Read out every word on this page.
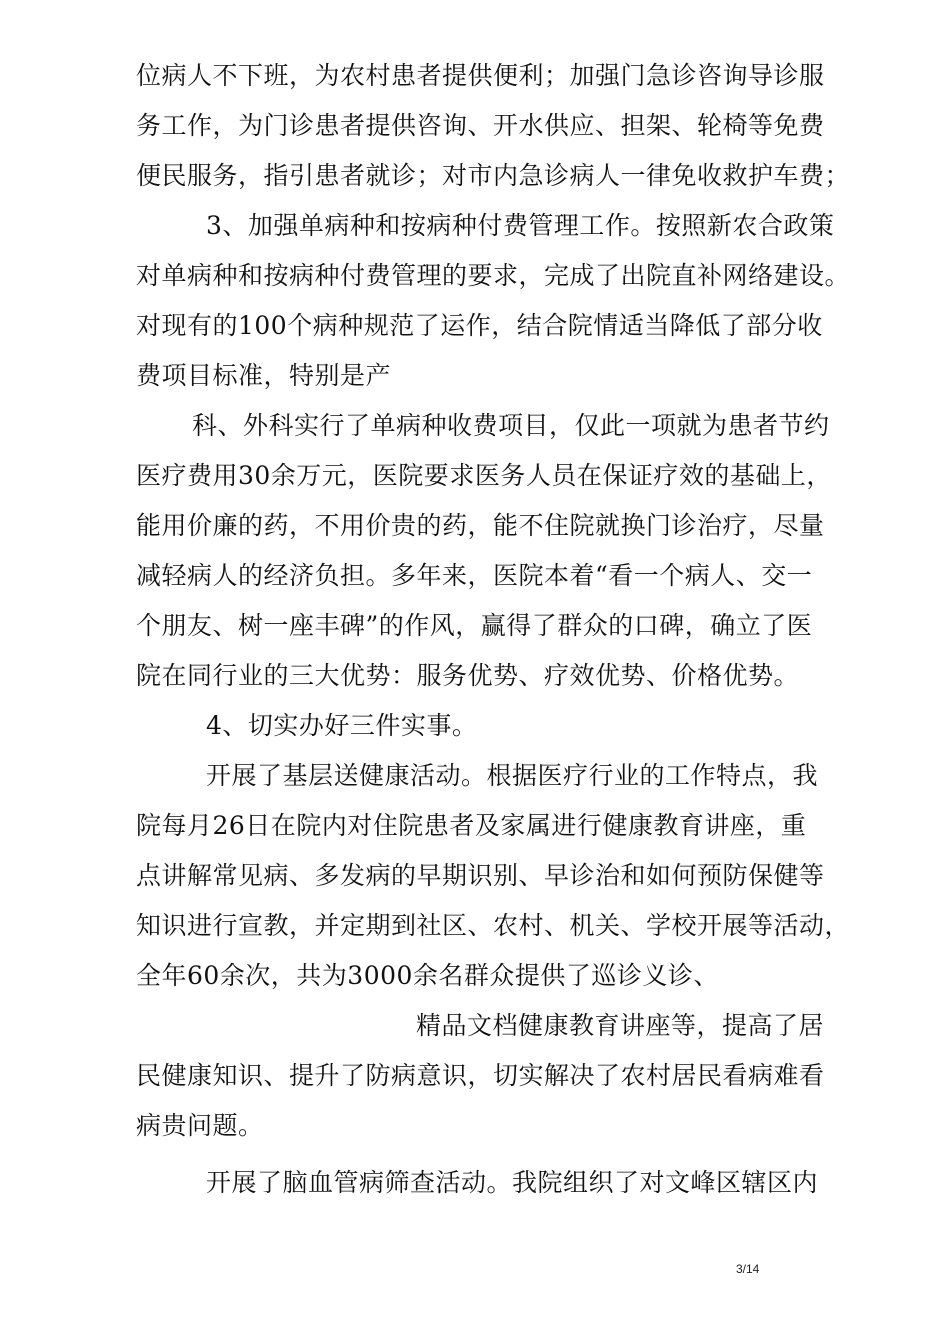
位病人不下班，为农村患者提供便利；加强门急诊咨询导诊服
务工作，为门诊患者提供咨询、开水供应、担架、轮椅等免费
便民服务，指引患者就诊；对市内急诊病人一律免收救护车费；
3、加强单病种和按病种付费管理工作。按照新农合政策
对单病种和按病种付费管理的要求，完成了出院直补网络建设。
对现有的100个病种规范了运作，结合院情适当降低了部分收
费项目标准，特别是产
科、外科实行了单病种收费项目，仅此一项就为患者节约
医疗费用30余万元，医院要求医务人员在保证疗效的基础上，
能用价廉的药，不用价贵的药，能不住院就换门诊治疗，尽量
减轻病人的经济负担。多年来，医院本着“看一个病人、交一
个朋友、树一座丰碑”的作风，赢得了群众的口碑，确立了医
院在同行业的三大优势：服务优势、疗效优势、价格优势。
4、切实办好三件实事。
开展了基层送健康活动。根据医疗行业的工作特点，我
院每月26日在院内对住院患者及家属进行健康教育讲座，重
点讲解常见病、多发病的早期识别、早诊治和如何预防保健等
知识进行宣教，并定期到社区、农村、机关、学校开展等活动，
全年60余次，共为3000余名群众提供了巡诊义诊、
精品文档健康教育讲座等，提高了居
民健康知识、提升了防病意识，切实解决了农村居民看病难看
病贵问题。
开展了脑血管病筛查活动。我院组织了对文峰区辖区内
3/14
